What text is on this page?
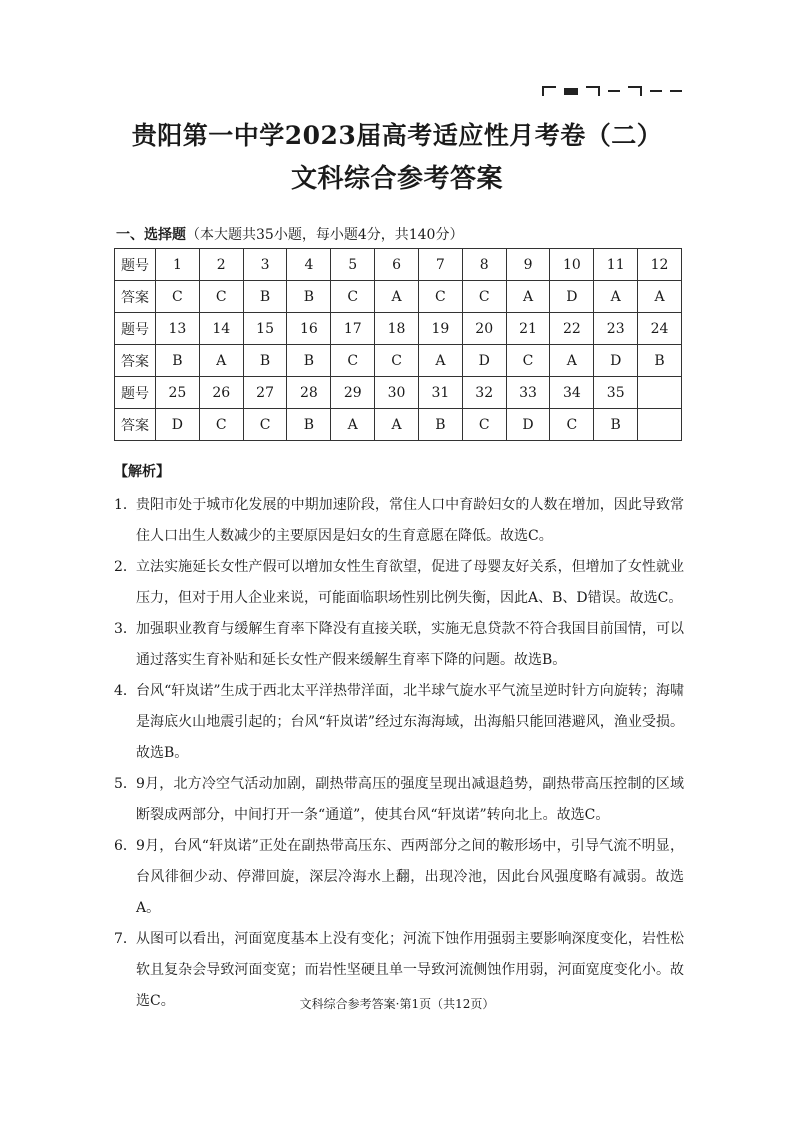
贵阳第一中学2023届高考适应性月考卷（二）
文科综合参考答案
一、选择题（本大题共35小题，每小题4分，共140分）
题号	1	2	3	4	5	6	7	8	9	10	11	12
答案	C	C	B	B	C	A	C	C	A	D	A	A
题号	13	14	15	16	17	18	19	20	21	22	23	24
答案	B	A	B	B	C	C	A	D	C	A	D	B
题号	25	26	27	28	29	30	31	32	33	34	35	
答案	D	C	C	B	A	A	B	C	D	C	B	
【解析】

1． 贵阳市处于城市化发展的中期加速阶段，常住人口中育龄妇女的人数在增加，因此导致常住人口出生人数减少的主要原因是妇女的生育意愿在降低。故选C。

2． 立法实施延长女性产假可以增加女性生育欲望，促进了母婴友好关系，但增加了女性就业压力，但对于用人企业来说，可能面临职场性别比例失衡，因此A、B、D错误。故选C。

3． 加强职业教育与缓解生育率下降没有直接关联，实施无息贷款不符合我国目前国情，可以通过落实生育补贴和延长女性产假来缓解生育率下降的问题。故选B。

4． 台风“轩岚诺”生成于西北太平洋热带洋面，北半球气旋水平气流呈逆时针方向旋转；海啸是海底火山地震引起的；台风“轩岚诺”经过东海海域，出海船只能回港避风，渔业受损。故选B。

5． 9月，北方冷空气活动加剧，副热带高压的强度呈现出减退趋势，副热带高压控制的区域断裂成两部分，中间打开一条“通道”，使其台风“轩岚诺”转向北上。故选C。

6． 9月，台风“轩岚诺”正处在副热带高压东、西两部分之间的鞍形场中，引导气流不明显，台风徘徊少动、停滞回旋，深层冷海水上翻，出现冷池，因此台风强度略有减弱。故选A。

7． 从图可以看出，河面宽度基本上没有变化；河流下蚀作用强弱主要影响深度变化，岩性松软且复杂会导致河面变宽；而岩性坚硬且单一导致河流侧蚀作用弱，河面宽度变化小。故选C。	文科综合参考答案·第1页（共12页）
